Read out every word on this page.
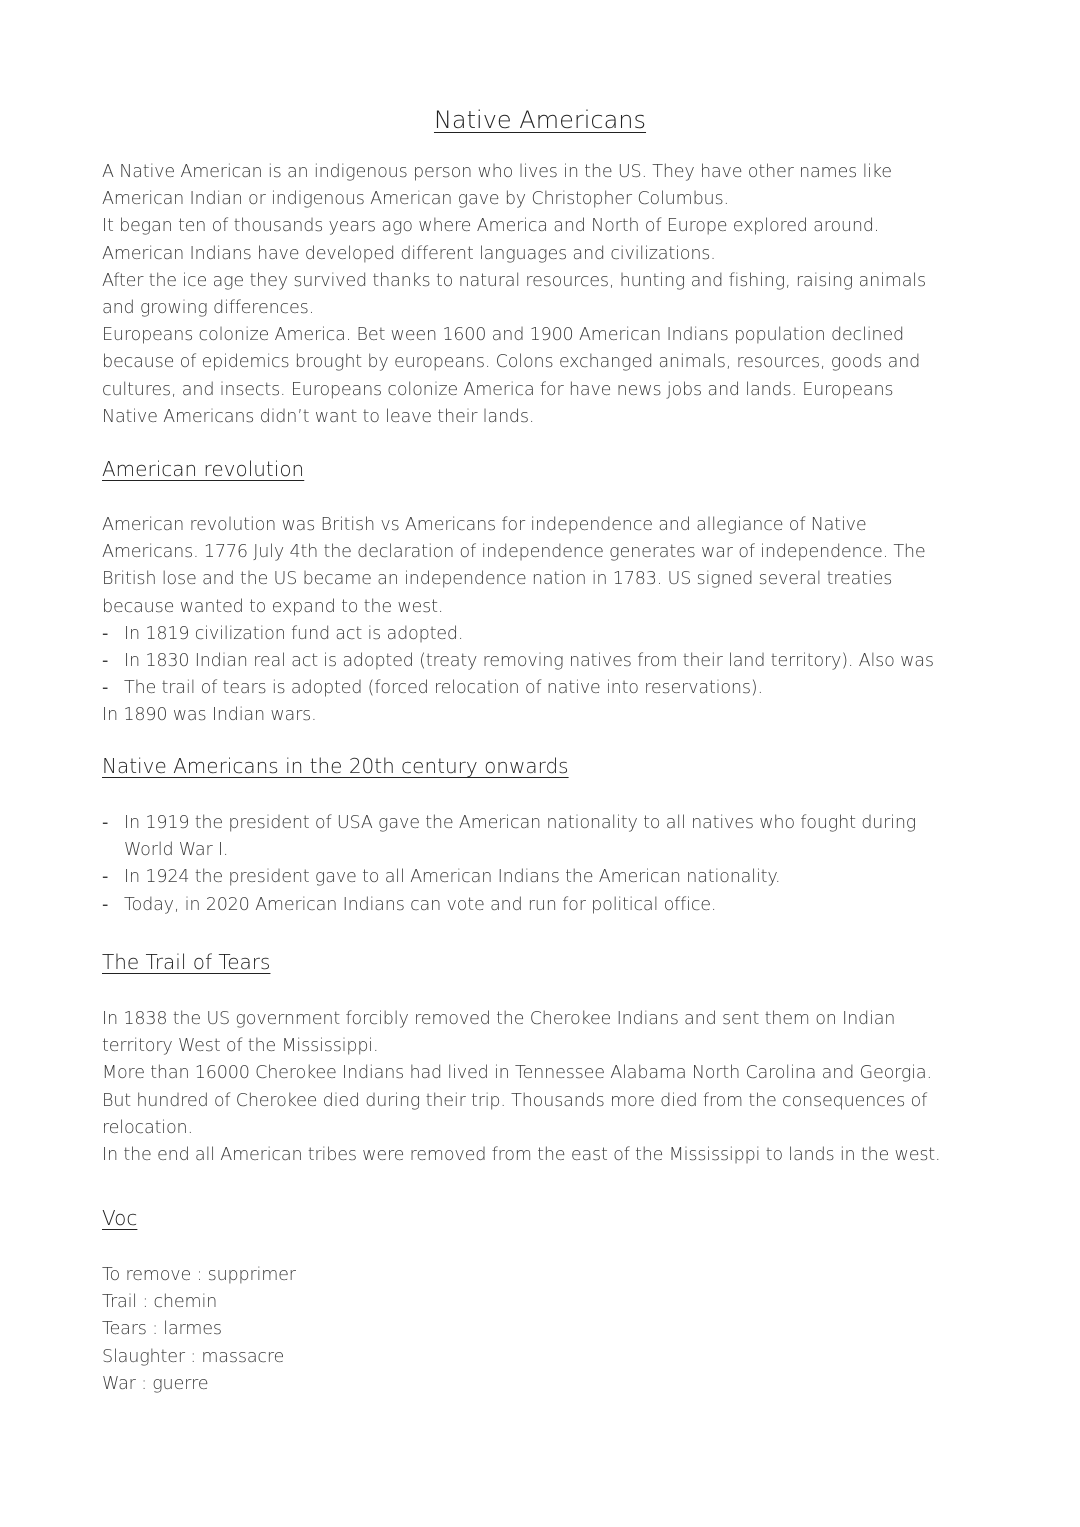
Native Americans

A Native American is an indigenous person who lives in the US. They have other names like

American Indian or indigenous American gave by Christopher Columbus.

It began ten of thousands years ago where America and North of Europe explored around.

American Indians have developed different languages and civilizations.

After the ice age they survived thanks to natural resources, hunting and fishing, raising animals

and growing differences.

Europeans colonize America. Bet ween 1600 and 1900 American Indians population declined

because of epidemics brought by europeans. Colons exchanged animals, resources, goods and

cultures, and insects. Europeans colonize America for have news jobs and lands. Europeans

Native Americans didn’t want to leave their lands.

American revolution

American revolution was British vs Americans for independence and allegiance of Native

Americans. 1776 July 4th the declaration of independence generates war of independence. The

British lose and the US became an independence nation in 1783. US signed several treaties

because wanted to expand to the west.

- In 1819 civilization fund act is adopted.
- In 1830 Indian real act is adopted (treaty removing natives from their land territory). Also was
- The trail of tears is adopted (forced relocation of native into reservations).

In 1890 was Indian wars.

Native Americans in the 20th century onwards
- In 1919 the president of USA gave the American nationality to all natives who fought during
World War I.
- In 1924 the president gave to all American Indians the American nationality.
- Today, in 2020 American Indians can vote and run for political office.
The Trail of Tears

In 1838 the US government forcibly removed the Cherokee Indians and sent them on Indian

territory West of the Mississippi.

More than 16000 Cherokee Indians had lived in Tennessee Alabama North Carolina and Georgia.

But hundred of Cherokee died during their trip. Thousands more died from the consequences of

relocation.

In the end all American tribes were removed from the east of the Mississippi to lands in the west.

Voc

To remove : supprimer

Trail : chemin

Tears : larmes

Slaughter : massacre

War : guerre
